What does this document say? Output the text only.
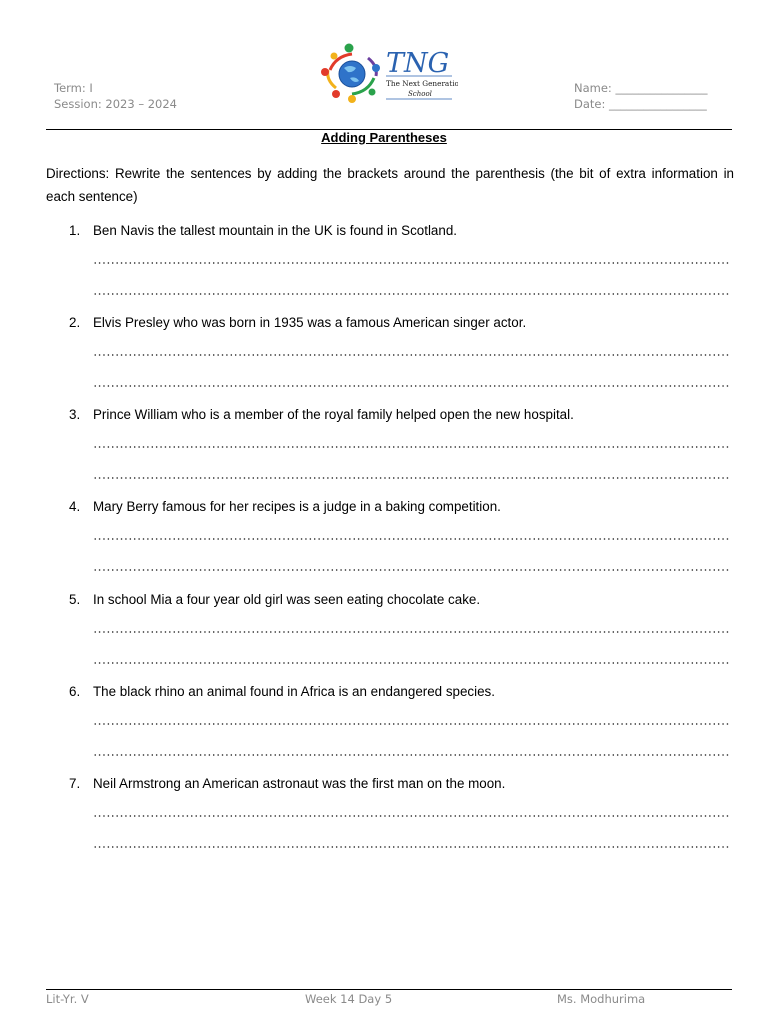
Term: I
Session: 2023 – 2024
TNG
The Next Generation
School	Name: ________________
Date: _________________
Adding Parentheses
Directions: Rewrite the sentences by adding the brackets around the parenthesis (the bit of extra information in each sentence)
1. Ben Navis the tallest mountain in the UK is found in Scotland.
2. Elvis Presley who was born in 1935 was a famous American singer actor.
3. Prince William who is a member of the royal family helped open the new hospital.
4. Mary Berry famous for her recipes is a judge in a baking competition.
5. In school Mia a four year old girl was seen eating chocolate cake.
6. The black rhino an animal found in Africa is an endangered species.
7. Neil Armstrong an American astronaut was the first man on the moon.
Lit-Yr. V	Week 14 Day 5	Ms. Modhurima
